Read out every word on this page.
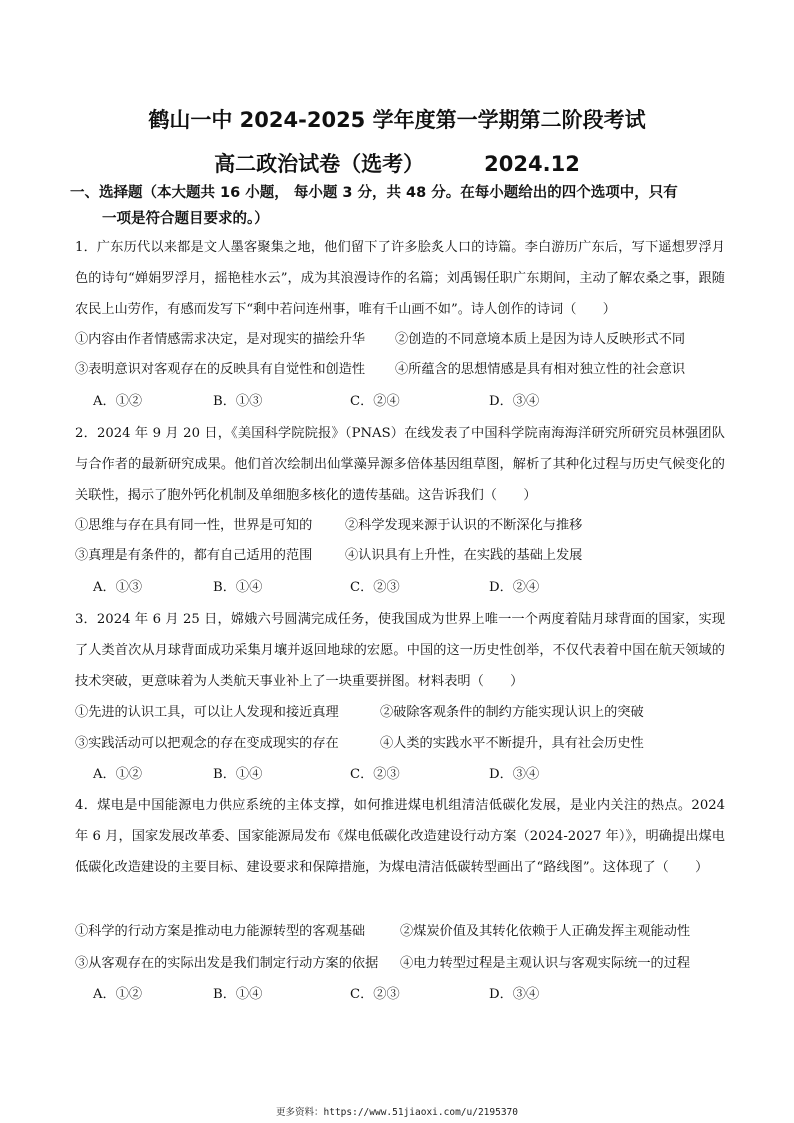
鹤山一中 2024-2025 学年度第一学期第二阶段考试
高二政治试卷（选考）	2024.12
一、选择题（本大题共 16 小题， 每小题 3 分，共 48 分。在每小题给出的四个选项中，只有
一项是符合题目要求的。）

1．广东历代以来都是文人墨客聚集之地，他们留下了许多脍炙人口的诗篇。李白游历广东后，写下遥想罗浮月色的诗句“婵娟罗浮月，摇艳桂水云”，成为其浪漫诗作的名篇；刘禹锡任职广东期间，主动了解农桑之事，跟随农民上山劳作，有感而发写下“剩中若问连州事，唯有千山画不如”。诗人创作的诗词（　　）

①内容由作者情感需求决定，是对现实的描绘升华 ②创造的不同意境本质上是因为诗人反映形式不同
③表明意识对客观存在的反映具有自觉性和创造性 ④所蕴含的思想情感是具有相对独立性的社会意识
A．①②	B．①③	C．②④	D．③④

2．2024 年 9 月 20 日，《美国科学院院报》（PNAS）在线发表了中国科学院南海海洋研究所研究员林强团队与合作者的最新研究成果。他们首次绘制出仙掌藻异源多倍体基因组草图，解析了其种化过程与历史气候变化的关联性，揭示了胞外钙化机制及单细胞多核化的遗传基础。这告诉我们（　　）

①思维与存在具有同一性，世界是可知的 ②科学发现来源于认识的不断深化与推移
③真理是有条件的，都有自己适用的范围 ④认识具有上升性，在实践的基础上发展
A．①③	B．①④	C．②③	D．②④

3．2024 年 6 月 25 日，嫦娥六号圆满完成任务，使我国成为世界上唯一一个两度着陆月球背面的国家，实现了人类首次从月球背面成功采集月壤并返回地球的宏愿。中国的这一历史性创举，不仅代表着中国在航天领域的技术突破，更意味着为人类航天事业补上了一块重要拼图。材料表明（　　）

①先进的认识工具，可以让人发现和接近真理	②破除客观条件的制约方能实现认识上的突破
③实践活动可以把观念的存在变成现实的存在	④人类的实践水平不断提升，具有社会历史性
A．①②	B．①④	C．②③	D．③④

4．煤电是中国能源电力供应系统的主体支撑，如何推进煤电机组清洁低碳化发展，是业内关注的热点。2024 年 6 月，国家发展改革委、国家能源局发布《煤电低碳化改造建设行动方案（2024-2027 年）》，明确提出煤电低碳化改造建设的主要目标、建设要求和保障措施，为煤电清洁低碳转型画出了“路线图”。这体现了（　　）

①科学的行动方案是推动电力能源转型的客观基础	②煤炭价值及其转化依赖于人正确发挥主观能动性
③从客观存在的实际出发是我们制定行动方案的依据 ④电力转型过程是主观认识与客观实际统一的过程
A．①②	B．①④	C．②③	D．③④
更多资料：https://www.51jiaoxi.com/u/2195370
